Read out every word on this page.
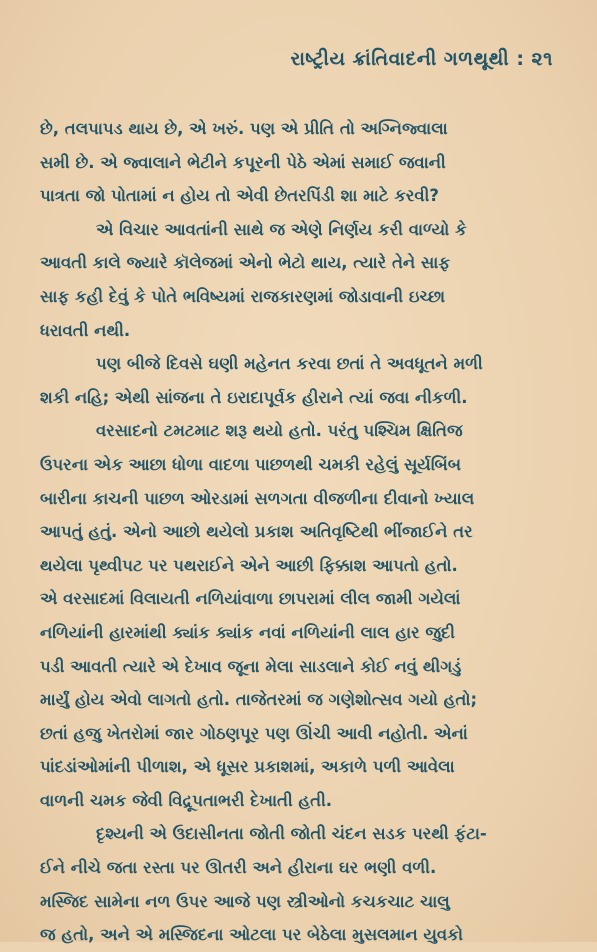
રાષ્ટ્રીય ક્રાંતિવાદની ગળથૂથી : ૨૧
છે, તલપાપડ થાય છે, એ ખરું. પણ એ પ્રીતિ તો અગ્નિજ્વાલા
સમી છે. એ જ્વાલાને ભેટીને કપૂરની પેઠે એમાં સમાઈ જવાની
પાત્રતા જો પોતામાં ન હોય તો એવી છેતરપિંડી શા માટે કરવી?
એ વિચાર આવતાંની સાથે જ એણે નિર્ણય કરી વાળ્યો કે
આવતી કાલે જ્યારે કૉલેજમાં એનો ભેટો થાય, ત્યારે તેને સાફ
સાફ કહી દેવું કે પોતે ભવિષ્યમાં રાજકારણમાં જોડાવાની ઇચ્છા
ધરાવતી નથી.
પણ બીજે દિવસે ઘણી મહેનત કરવા છતાં તે અવધૂતને મળી
શકી નહિ; એથી સાંજના તે ઇરાદાપૂર્વક હીરાને ત્યાં જવા નીકળી.
વરસાદનો ટમટમાટ શરૂ થયો હતો. પરંતુ પશ્ચિમ ક્ષિતિજ
ઉપરના એક આછા ધોળા વાદળા પાછળથી ચમકી રહેલું સૂર્યબિંબ
બારીના કાચની પાછળ ઓરડામાં સળગતા વીજળીના દીવાનો ખ્યાલ
આપતું હતું. એનો આછો થયેલો પ્રકાશ અતિવૃષ્ટિથી ભીંજાઈને તર
થયેલા પૃથ્વીપટ પર પથરાઈને એને આછી ફિક્કાશ આપતો હતો.
એ વરસાદમાં વિલાયતી નળિયાંવાળા છાપરામાં લીલ જામી ગયેલાં
નળિયાંની હારમાંથી ક્યાંક ક્યાંક નવાં નળિયાંની લાલ હાર જુદી
પડી આવતી ત્યારે એ દેખાવ જૂના મેલા સાડલાને કોઈ નવું થીગડું
માર્યું હોય એવો લાગતો હતો. તાજેતરમાં જ ગણેશોત્સવ ગયો હતો;
છતાં હજુ ખેતરોમાં જાર ગોઠણપૂર પણ ઊંચી આવી નહોતી. એનાં
પાંદડાંઓમાંની પીળાશ, એ ધૂસર પ્રકાશમાં, અકાળે પળી આવેલા
વાળની ચમક જેવી વિદ્રૂપતાભરી દેખાતી હતી.
દૃશ્યની એ ઉદાસીનતા જોતી જોતી ચંદન સડક પરથી ફંટા-
ઈને નીચે જતા રસ્તા પર ઊતરી અને હીરાના ઘર ભણી વળી.
મસ્જિદ સામેના નળ ઉપર આજે પણ સ્ત્રીઓનો કચકચાટ ચાલુ
જ હતો, અને એ મસ્જિદના ઓટલા પર બેઠેલા મુસલમાન યુવકો
